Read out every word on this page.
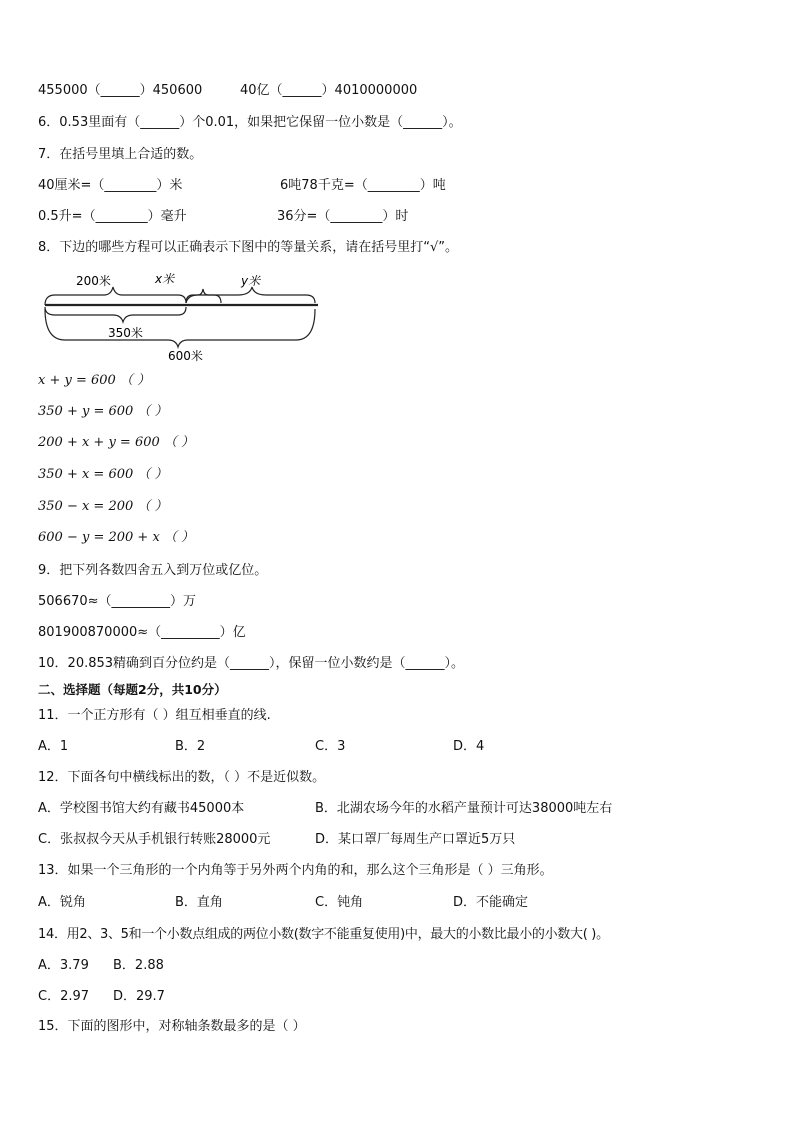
455000（______）450600	40亿（______）4010000000
6．0.53里面有（______）个0.01，如果把它保留一位小数是（______）。
7．在括号里填上合适的数。
40厘米=（________）米	6吨78千克=（________）吨
0.5升=（________）毫升	36分=（________）时
8．下边的哪些方程可以正确表示下图中的等量关系，请在括号里打“√”。
200米	x米	y米
350米
600米
x + y = 600 （ ）
350 + y = 600 （ ）
200 + x + y = 600 （ ）
350 + x = 600 （ ）
350 − x = 200 （ ）
600 − y = 200 + x （ ）
9．把下列各数四舍五入到万位或亿位。
506670≈（_________）万
801900870000≈（_________）亿
10．20.853精确到百分位约是（______），保留一位小数约是（______）。
二、选择题（每题2分，共10分）
11．一个正方形有（ ）组互相垂直的线.
A．1	B．2	C．3	D．4
12．下面各句中横线标出的数，（ ）不是近似数。
A．学校图书馆大约有藏书45000本	B．北湖农场今年的水稻产量预计可达38000吨左右
C．张叔叔今天从手机银行转账28000元	D．某口罩厂每周生产口罩近5万只
13．如果一个三角形的一个内角等于另外两个内角的和，那么这个三角形是（ ）三角形。
A．锐角	B．直角	C．钝角	D．不能确定
14．用2、3、5和一个小数点组成的两位小数(数字不能重复使用)中，最大的小数比最小的小数大( )。
A．3.79 B．2.88
C．2.97 D．29.7
15．下面的图形中，对称轴条数最多的是（ ）
